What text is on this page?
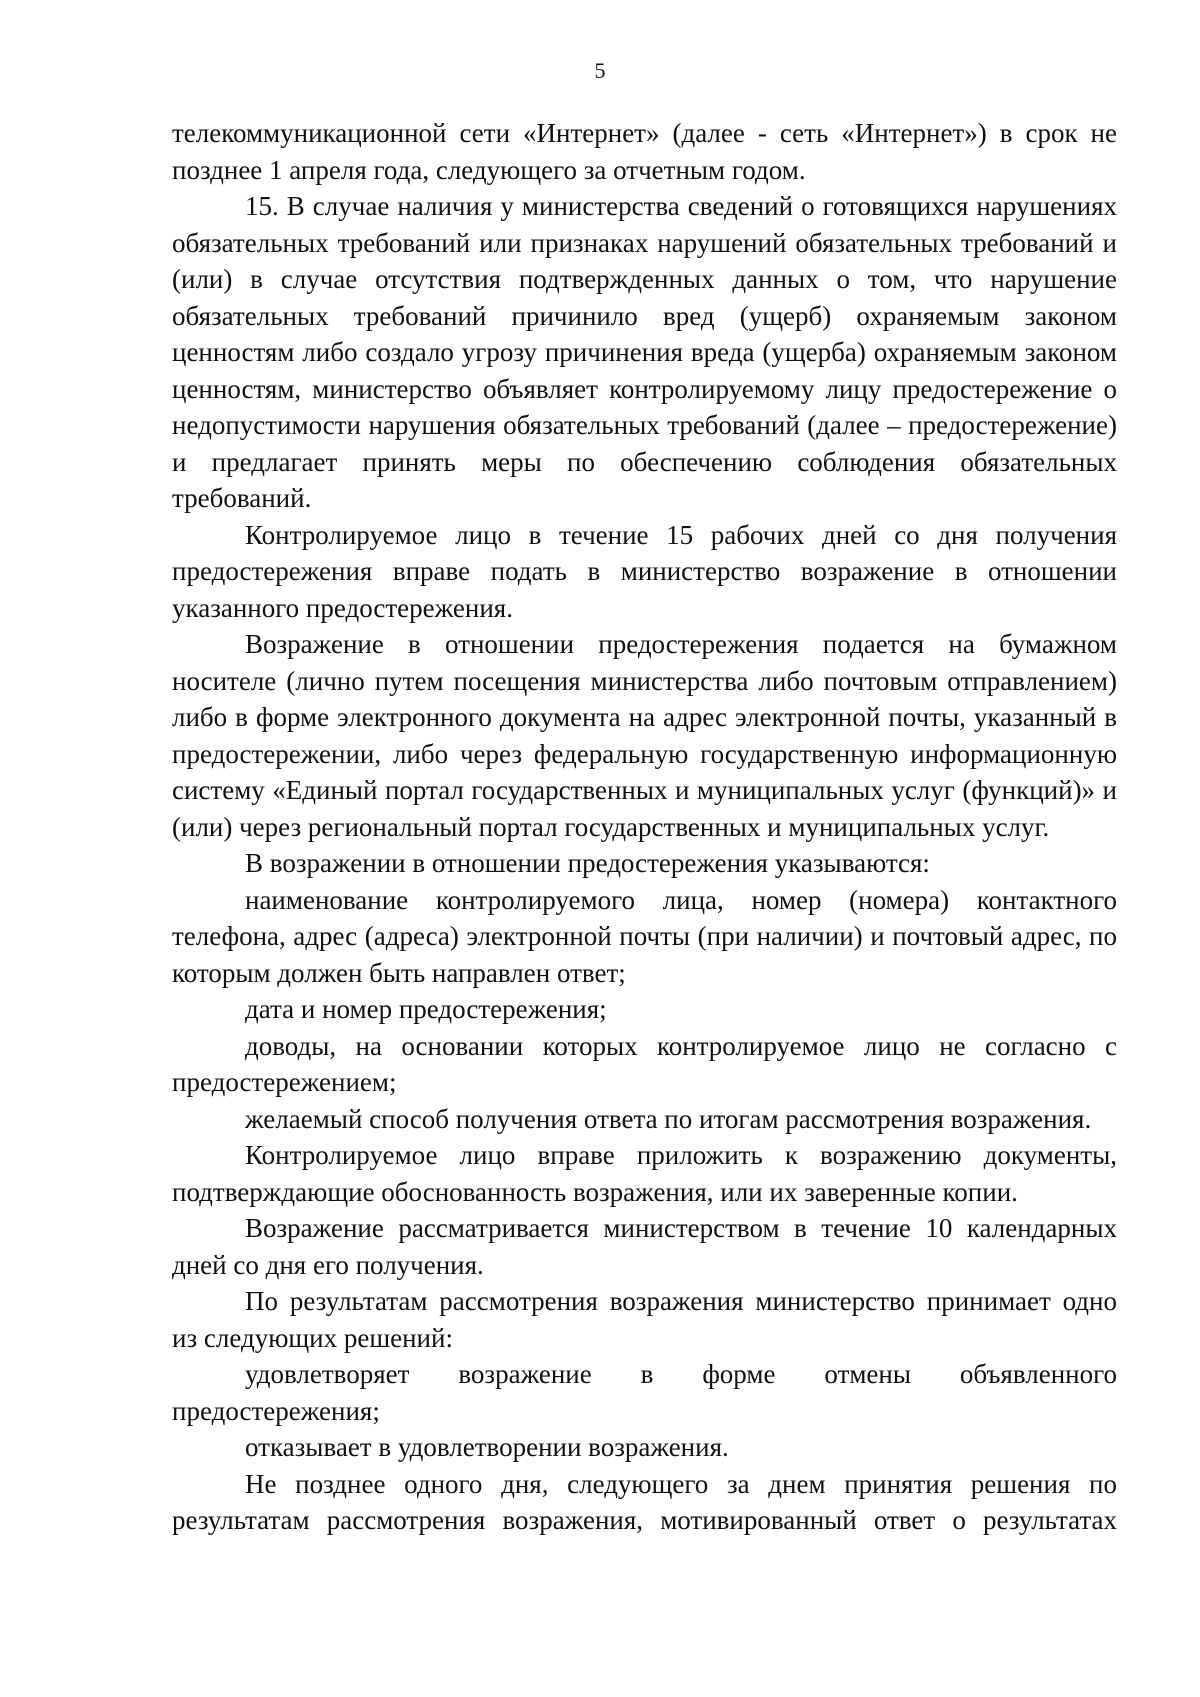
5

телекоммуникационной сети «Интернет» (далее - сеть «Интернет») в срок не позднее 1 апреля года, следующего за отчетным годом.

15. В случае наличия у министерства сведений о готовящихся нарушениях обязательных требований или признаках нарушений обязательных требований и (или) в случае отсутствия подтвержденных данных о том, что нарушение обязательных требований причинило вред (ущерб) охраняемым законом ценностям либо создало угрозу причинения вреда (ущерба) охраняемым законом ценностям, министерство объявляет контролируемому лицу предостережение о недопустимости нарушения обязательных требований (далее – предостережение) и предлагает принять меры по обеспечению соблюдения обязательных требований.

Контролируемое лицо в течение 15 рабочих дней со дня получения предостережения вправе подать в министерство возражение в отношении указанного предостережения.

Возражение в отношении предостережения подается на бумажном носителе (лично путем посещения министерства либо почтовым отправлением) либо в форме электронного документа на адрес электронной почты, указанный в предостережении, либо через федеральную государственную информационную систему «Единый портал государственных и муниципальных услуг (функций)» и (или) через региональный портал государственных и муниципальных услуг.

В возражении в отношении предостережения указываются:

наименование контролируемого лица, номер (номера) контактного телефона, адрес (адреса) электронной почты (при наличии) и почтовый адрес, по которым должен быть направлен ответ;

дата и номер предостережения;

доводы, на основании которых контролируемое лицо не согласно с предостережением;

желаемый способ получения ответа по итогам рассмотрения возражения.

Контролируемое лицо вправе приложить к возражению документы, подтверждающие обоснованность возражения, или их заверенные копии.

Возражение рассматривается министерством в течение 10 календарных дней со дня его получения.

По результатам рассмотрения возражения министерство принимает одно из следующих решений:

удовлетворяет возражение в форме отмены объявленного предостережения;

отказывает в удовлетворении возражения.

Не позднее одного дня, следующего за днем принятия решения по результатам рассмотрения возражения, мотивированный ответ о результатах
